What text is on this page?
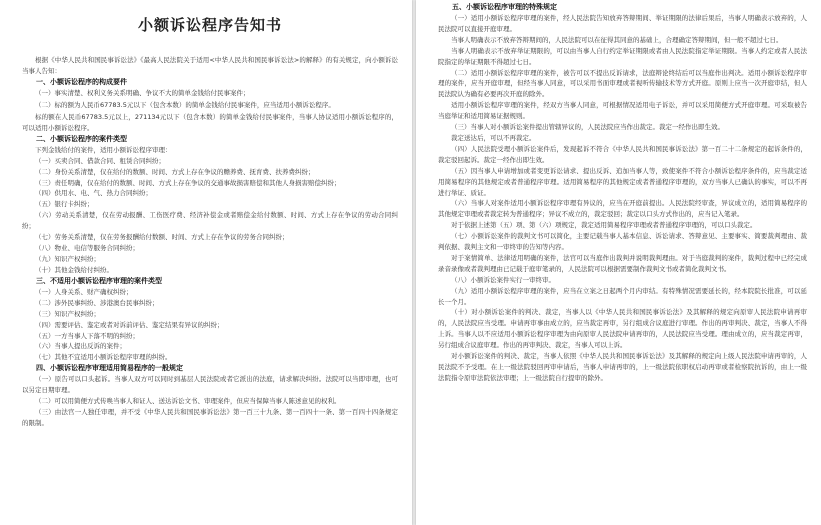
小额诉讼程序告知书

根据《中华人民共和国民事诉讼法》《最高人民法院关于适用<中华人民共和国民事诉讼法>的解释》的有关规定，向小额诉讼当事人告知：

一、小额诉讼程序的构成要件

（一）事实清楚、权利义务关系明确、争议不大的简单金钱给付民事案件；

（二）标的额为人民币67783.5元以下（包含本数）的简单金钱给付民事案件，应当适用小额诉讼程序。

标的额在人民币67783.5元以上，271134元以下（包含本数）的简单金钱给付民事案件，当事人协议适用小额诉讼程序的，可以适用小额诉讼程序。

二、小额诉讼程序的案件类型

下列金钱给付的案件，适用小额诉讼程序审理：

（一）买卖合同、借款合同、租赁合同纠纷；

（二）身份关系清楚，仅在给付的数额、时间、方式上存在争议的赡养费、抚育费、扶养费纠纷；

（三）责任明确，仅在给付的数额、时间、方式上存在争议的交通事故损害赔偿和其他人身损害赔偿纠纷；

（四）供用水、电、气、热力合同纠纷；

（五）银行卡纠纷；

（六）劳动关系清楚，仅在劳动报酬、工伤医疗费、经济补偿金或者赔偿金给付数额、时间、方式上存在争议的劳动合同纠纷；

（七）劳务关系清楚，仅在劳务报酬给付数额、时间、方式上存在争议的劳务合同纠纷；

（八）物业、电信等服务合同纠纷；

（九）知识产权纠纷；

（十）其他金钱给付纠纷。

三、不适用小额诉讼程序审理的案件类型

（一）人身关系、财产确权纠纷；

（二）涉外民事纠纷、涉港澳台民事纠纷；

（三）知识产权纠纷；

（四）需要评估、鉴定或者对诉前评估、鉴定结果有异议的纠纷；

（五）一方当事人下落不明的纠纷；

（六）当事人提出反诉的案件；

（七）其他不宜适用小额诉讼程序审理的纠纷。

四、小额诉讼程序审理适用简易程序的一般规定

（一）原告可以口头起诉。当事人双方可以同时到基层人民法院或者它派出的法庭，请求解决纠纷。法院可以当即审理，也可以另定日期审理。

（二）可以用简便方式传唤当事人和证人、送达诉讼文书、审理案件，但应当保障当事人陈述意见的权利。

（三）由法官一人独任审理，并不受《中华人民共和国民事诉讼法》第一百三十九条、第一百四十一条、第一百四十四条规定的限制。

五、小额诉讼程序审理的特殊规定

（一）适用小额诉讼程序审理的案件，经人民法院告知放弃答辩期间、举证期限的法律后果后，当事人明确表示放弃的，人民法院可以直接开庭审理。

当事人明确表示不放弃答辩期间的，人民法院可以在征得其同意的基础上，合理确定答辩期间，但一般不超过七日。

当事人明确表示不放弃举证期限的，可以由当事人自行约定举证期限或者由人民法院指定举证期限。当事人约定或者人民法院指定的举证期限不得超过七日。

（二）适用小额诉讼程序审理的案件，被告可以不提出反诉请求，法庭辩论终结后可以当庭作出判决。适用小额诉讼程序审理的案件，应当开庭审理，但经当事人同意，可以采用书面审理或者视听传输技术等方式开庭。原则上应当一次开庭审结，但人民法院认为确有必要再次开庭的除外。

适用小额诉讼程序审理的案件，经双方当事人同意，可根据情况适用电子诉讼，并可以采用简便方式开庭审理。可采取被告当庭举证和适用简易证据规则。

（三）当事人对小额诉讼案件提出管辖异议的，人民法院应当作出裁定。裁定一经作出即生效。

裁定送达后，可以不再裁定。

（四）人民法院受理小额诉讼案件后，发现起诉不符合《中华人民共和国民事诉讼法》第一百二十二条规定的起诉条件的，裁定驳回起诉。裁定一经作出即生效。

（五）因当事人申请增加或者变更诉讼请求、提出反诉、追加当事人等，致使案件不符合小额诉讼程序条件的，应当裁定适用简易程序的其他规定或者普通程序审理。适用简易程序的其他规定或者普通程序审理的，双方当事人已确认的事实，可以不再进行举证、质证。

（六）当事人对案件适用小额诉讼程序审理有异议的，应当在开庭前提出。人民法院经审查，异议成立的，适用简易程序的其他规定审理或者裁定转为普通程序；异议不成立的，裁定驳回；裁定以口头方式作出的，应当记入笔录。

对于依据上述第（五）项、第（六）项规定，裁定适用简易程序审理或者普通程序审理的，可以口头裁定。

（七）小额诉讼案件的裁判文书可以简化，主要记载当事人基本信息、诉讼请求、答辩意见、主要事实、简要裁判理由、裁判依据、裁判主文和一审终审的告知等内容。

对于案情简单、法律适用明确的案件，法官可以当庭作出裁判并说明裁判理由。对于当庭裁判的案件，裁判过程中已经完成录音录像或者裁判理由已记载于庭审笔录的，人民法院可以根据需要制作裁判文书或者简化裁判文书。

（八）小额诉讼案件实行一审终审。

（九）适用小额诉讼程序审理的案件，应当在立案之日起两个月内审结。有特殊情况需要延长的，经本院院长批准，可以延长一个月。

（十）对小额诉讼案件的判决、裁定，当事人以《中华人民共和国民事诉讼法》及其解释的规定向原审人民法院申请再审的，人民法院应当受理。申请再审事由成立的，应当裁定再审，另行组成合议庭进行审理。作出的再审判决、裁定，当事人不得上诉。当事人以不应适用小额诉讼程序审理为由向原审人民法院申请再审的，人民法院应当受理。理由成立的，应当裁定再审，另行组成合议庭审理。作出的再审判决、裁定，当事人可以上诉。

对小额诉讼案件的判决、裁定，当事人依照《中华人民共和国民事诉讼法》及其解释的规定向上级人民法院申请再审的，人民法院不予受理。在上一级法院驳回再审申请后，当事人申请再审的，上一级法院依职权启动再审或者检察院抗诉的，由上一级法院指令原审法院依法审理；上一级法院自行提审的除外。
